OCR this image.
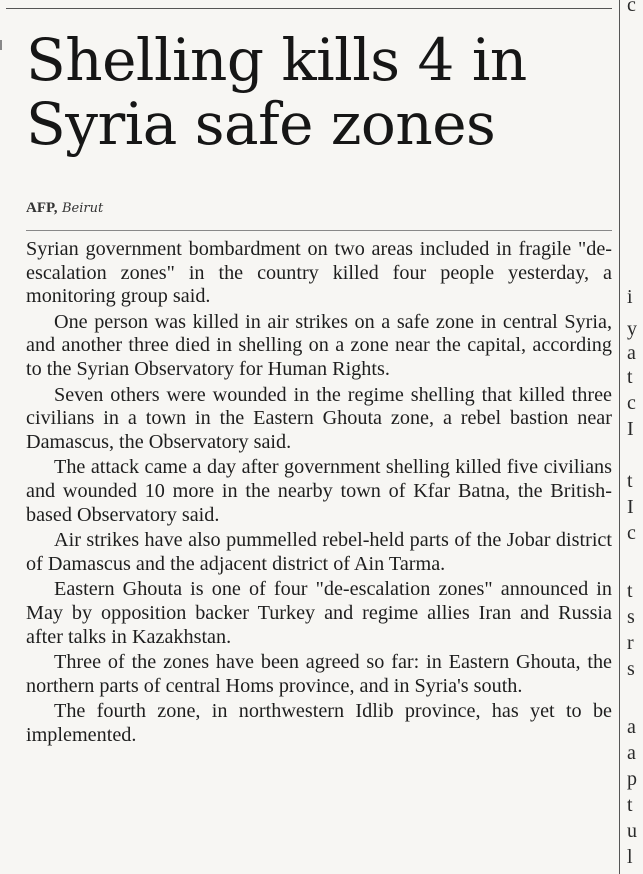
Shelling kills 4 in Syria safe zones
AFP, Beirut

Syrian government bombardment on two areas included in fragile "de-escalation zones" in the country killed four people yesterday, a monitoring group said.

One person was killed in air strikes on a safe zone in central Syria, and another three died in shelling on a zone near the capital, according to the Syrian Observatory for Human Rights.

Seven others were wounded in the regime shelling that killed three civilians in a town in the Eastern Ghouta zone, a rebel bastion near Damascus, the Observatory said.

The attack came a day after government shelling killed five civilians and wounded 10 more in the nearby town of Kfar Batna, the British-based Observatory said.

Air strikes have also pummelled rebel-held parts of the Jobar district of Damascus and the adjacent district of Ain Tarma.

Eastern Ghouta is one of four "de-escalation zones" announced in May by opposition backer Turkey and regime allies Iran and Russia after talks in Kazakhstan.

Three of the zones have been agreed so far: in Eastern Ghouta, the northern parts of central Homs province, and in Syria's south.

The fourth zone, in northwestern Idlib province, has yet to be implemented.

c
i
y
a
t
c
I
t
I
c
t
s
r
s
a
a
p
t
u
l
